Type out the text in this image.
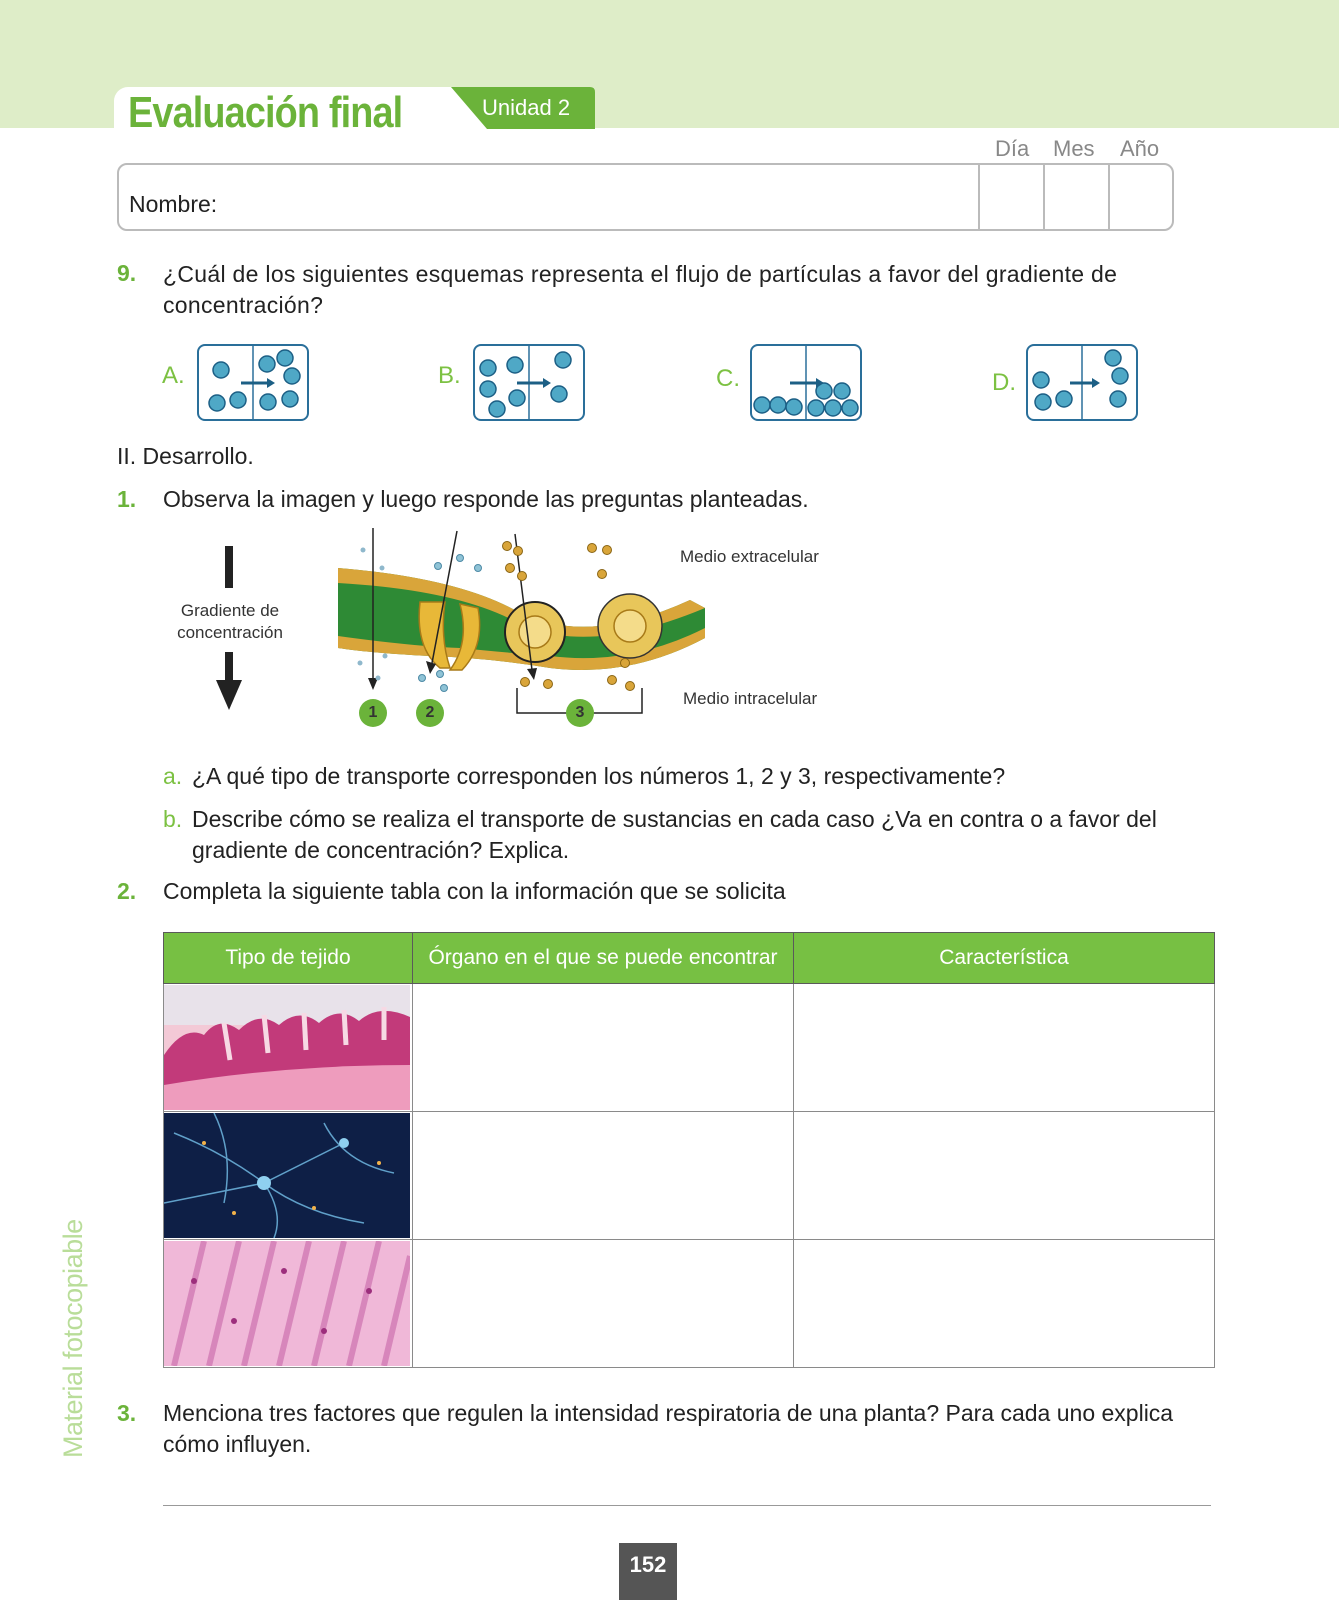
Evaluación final	Unidad 2
Día Mes Año
Nombre:
9. ¿Cuál de los siguientes esquemas representa el flujo de partículas a favor del gradiente de concentración?
A.	B.	C.	D.
II. Desarrollo.
1. Observa la imagen y luego responde las preguntas planteadas.
1	2	3
Gradiente de concentración
Medio extracelular
Medio intracelular
a. ¿A qué tipo de transporte corresponden los números 1, 2 y 3, respectivamente?
b. Describe cómo se realiza el transporte de sustancias en cada caso ¿Va en contra o a favor del gradiente de concentración? Explica.
2. Completa la siguiente tabla con la información que se solicita
Tipo de tejido	Órgano en el que se puede encontrar	Característica

3. Menciona tres factores que regulen la intensidad respiratoria de una planta? Para cada uno explica cómo influyen.
Material fotocopiable
152
